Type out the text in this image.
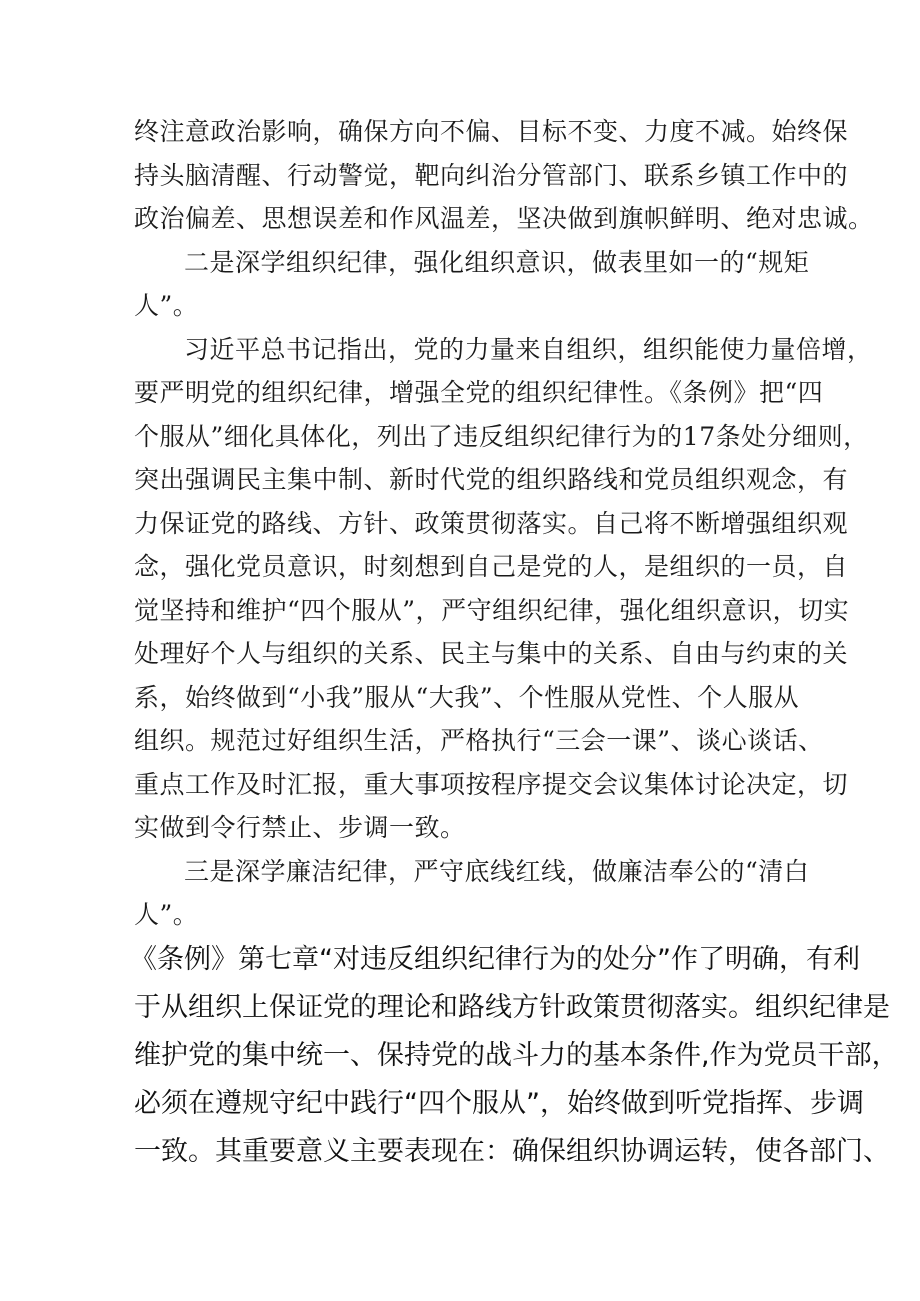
终注意政治影响，确保方向不偏、目标不变、力度不减。始终保
持头脑清醒、行动警觉，靶向纠治分管部门、联系乡镇工作中的
政治偏差、思想误差和作风温差，坚决做到旗帜鲜明、绝对忠诚。
二是深学组织纪律，强化组织意识，做表里如一的“规矩
人”。
习近平总书记指出，党的力量来自组织，组织能使力量倍增，
要严明党的组织纪律，增强全党的组织纪律性。《条例》把“四
个服从”细化具体化，列出了违反组织纪律行为的17条处分细则，
突出强调民主集中制、新时代党的组织路线和党员组织观念，有
力保证党的路线、方针、政策贯彻落实。自己将不断增强组织观
念，强化党员意识，时刻想到自己是党的人，是组织的一员，自
觉坚持和维护“四个服从”，严守组织纪律，强化组织意识，切实
处理好个人与组织的关系、民主与集中的关系、自由与约束的关
系，始终做到“小我”服从“大我”、个性服从党性、个人服从
组织。规范过好组织生活，严格执行“三会一课”、谈心谈话、
重点工作及时汇报，重大事项按程序提交会议集体讨论决定，切
实做到令行禁止、步调一致。
三是深学廉洁纪律，严守底线红线，做廉洁奉公的“清白
人”。
《条例》第七章“对违反组织纪律行为的处分”作了明确，有利
于从组织上保证党的理论和路线方针政策贯彻落实。组织纪律是
维护党的集中统一、保持党的战斗力的基本条件,作为党员干部，
必须在遵规守纪中践行“四个服从”，始终做到听党指挥、步调
一致。其重要意义主要表现在：确保组织协调运转，使各部门、
